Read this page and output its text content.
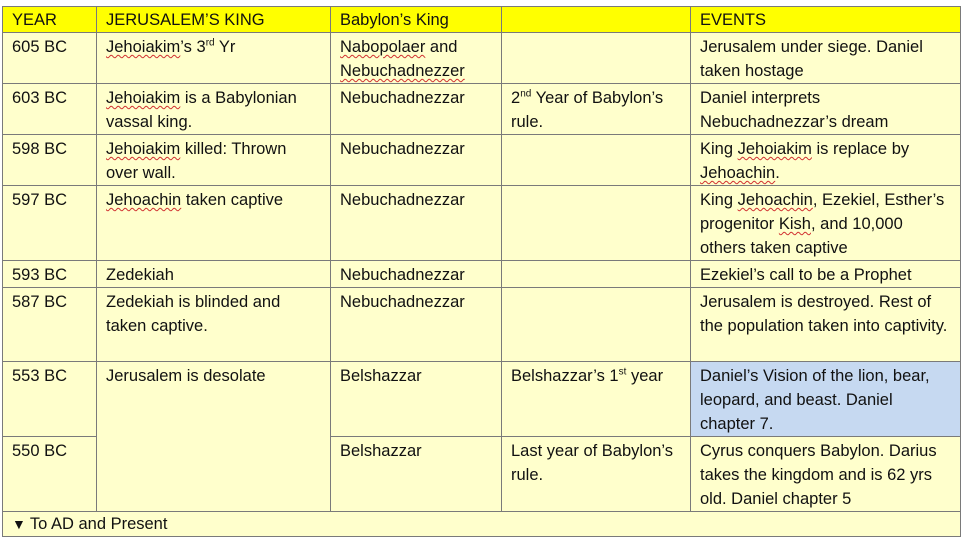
YEAR	JERUSALEM’S KING	Babylon’s King		EVENTS
605 BC	Jehoiakim’s 3rd Yr	Nabopolaer and Nebuchadnezzer		Jerusalem under siege. Daniel taken hostage
603 BC	Jehoiakim is a Babylonian vassal king.	Nebuchadnezzar	2nd Year of Babylon’s rule.	Daniel interprets Nebuchadnezzar’s dream
598 BC	Jehoiakim killed: Thrown over wall.	Nebuchadnezzar		King Jehoiakim is replace by Jehoachin.
597 BC	Jehoachin taken captive	Nebuchadnezzar		King Jehoachin, Ezekiel, Esther’s progenitor Kish, and 10,000 others taken captive
593 BC	Zedekiah	Nebuchadnezzar		Ezekiel’s call to be a Prophet
587 BC	Zedekiah is blinded and taken captive.	Nebuchadnezzar		Jerusalem is destroyed. Rest of the population taken into captivity.
553 BC	Jerusalem is desolate	Belshazzar	Belshazzar’s 1st year	Daniel’s Vision of the lion, bear, leopard, and beast. Daniel chapter 7.
550 BC		Belshazzar	Last year of Babylon’s rule.	Cyrus conquers Babylon. Darius takes the kingdom and is 62 yrs old. Daniel chapter 5
▼ To AD and Present				
